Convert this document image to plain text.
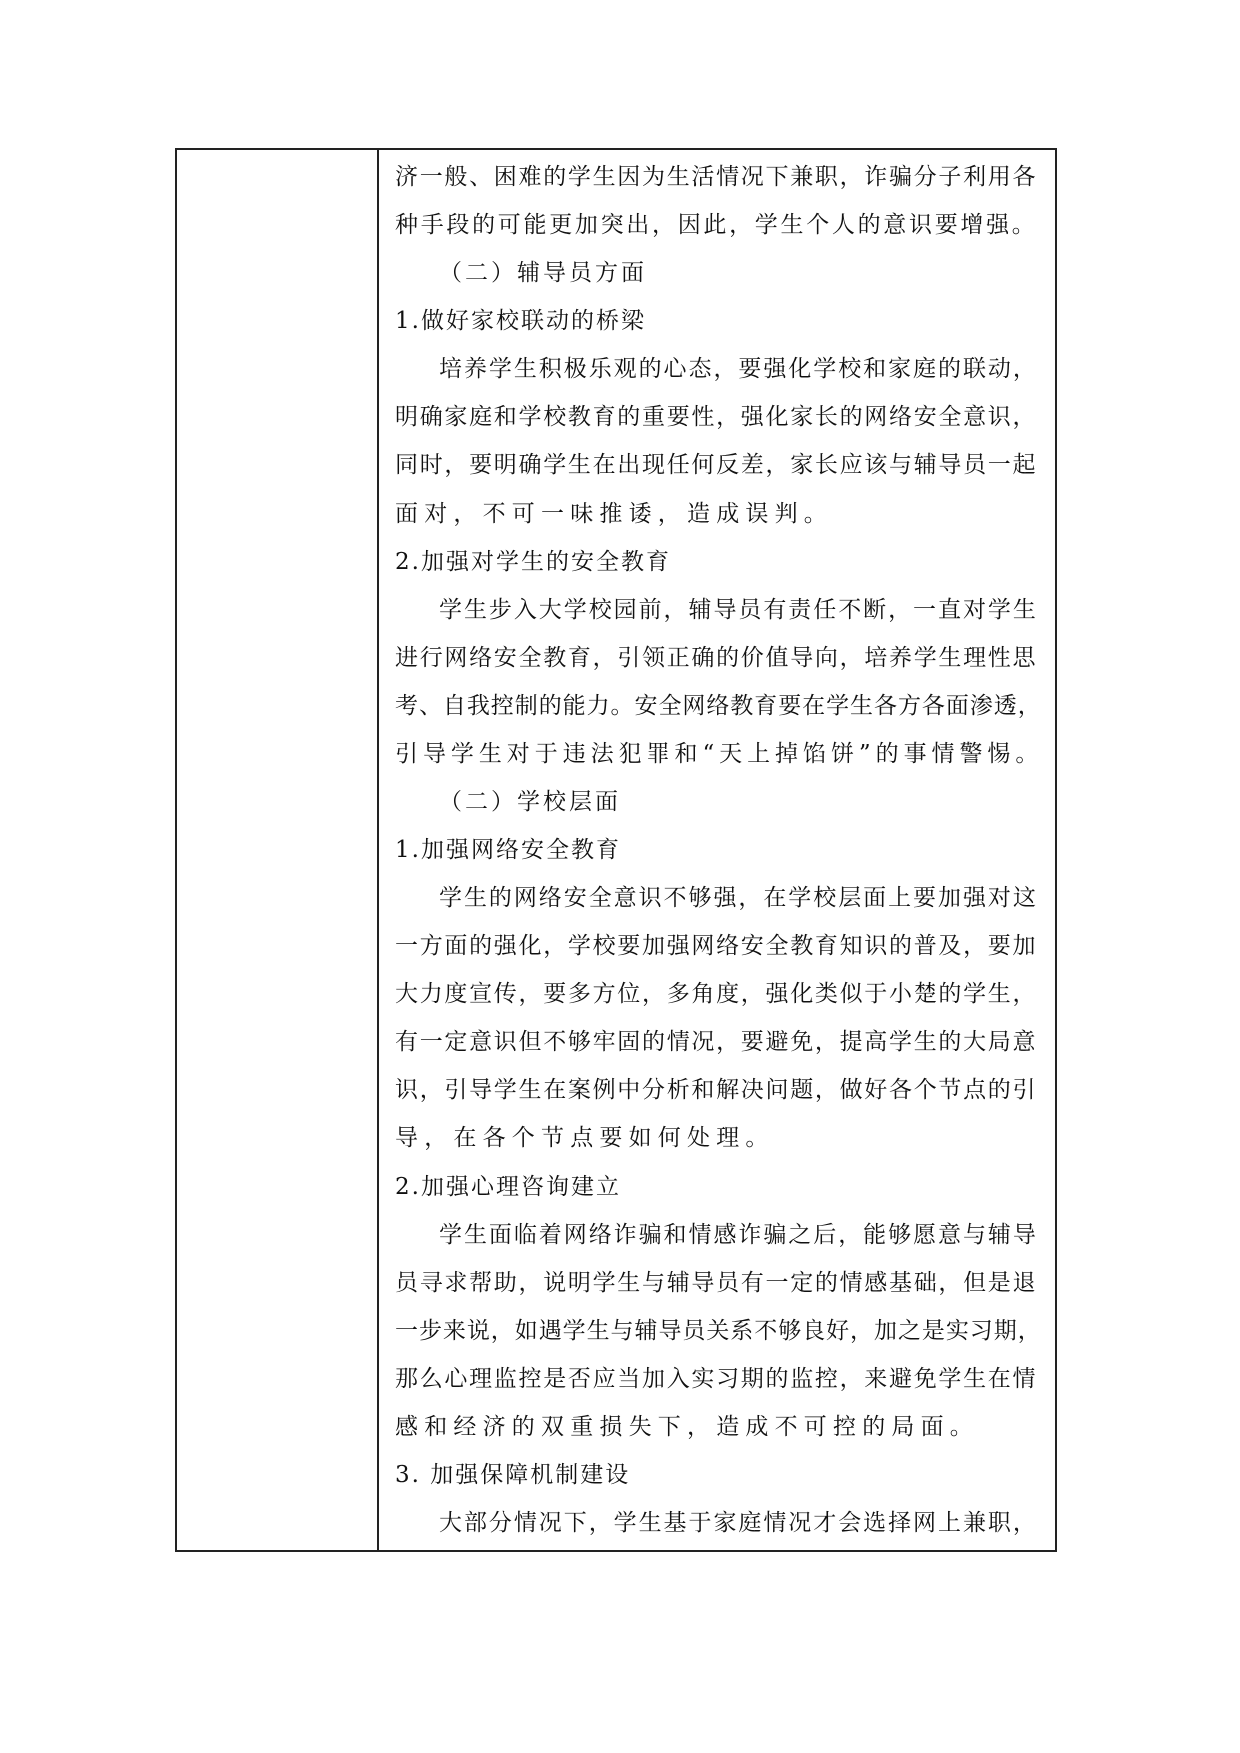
济一般、困难的学生因为生活情况下兼职，诈骗分子利用各
种手段的可能更加突出，因此，学生个人的意识要增强。
（二）辅导员方面
1.做好家校联动的桥梁
培养学生积极乐观的心态，要强化学校和家庭的联动，
明确家庭和学校教育的重要性，强化家长的网络安全意识，
同时，要明确学生在出现任何反差，家长应该与辅导员一起
面对，不可一味推诿，造成误判。
2.加强对学生的安全教育
学生步入大学校园前，辅导员有责任不断，一直对学生
进行网络安全教育，引领正确的价值导向，培养学生理性思
考、自我控制的能力。安全网络教育要在学生各方各面渗透，
引导学生对于违法犯罪和“天上掉馅饼”的事情警惕。
（二）学校层面
1.加强网络安全教育
学生的网络安全意识不够强，在学校层面上要加强对这
一方面的强化，学校要加强网络安全教育知识的普及，要加
大力度宣传，要多方位，多角度，强化类似于小楚的学生，
有一定意识但不够牢固的情况，要避免，提高学生的大局意
识，引导学生在案例中分析和解决问题，做好各个节点的引
导，在各个节点要如何处理。
2.加强心理咨询建立
学生面临着网络诈骗和情感诈骗之后，能够愿意与辅导
员寻求帮助，说明学生与辅导员有一定的情感基础，但是退
一步来说，如遇学生与辅导员关系不够良好，加之是实习期，
那么心理监控是否应当加入实习期的监控，来避免学生在情
感和经济的双重损失下，造成不可控的局面。
3. 加强保障机制建设
大部分情况下，学生基于家庭情况才会选择网上兼职，
